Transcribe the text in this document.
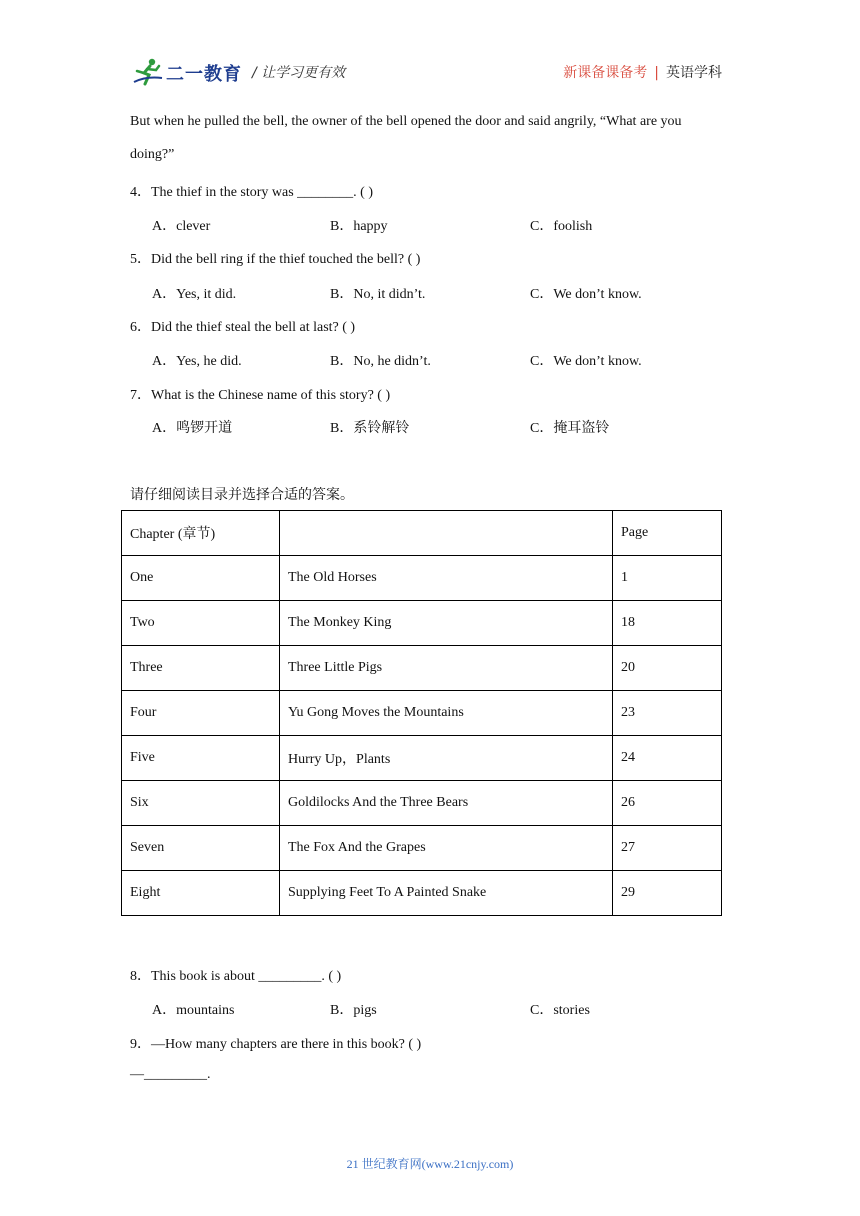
二一教育 / 让学习更有效	新课备课备考 | 英语学科
But when he pulled the bell, the owner of the bell opened the door and said angrily, “What are you
doing?”
4．The thief in the story was ________. ( )
A．clever	B．happy	C．foolish
5．Did the bell ring if the thief touched the bell? ( )
A．Yes, it did.	B．No, it didn’t.	C．We don’t know.
6．Did the thief steal the bell at last? ( )
A．Yes, he did.	B．No, he didn’t.	C．We don’t know.
7．What is the Chinese name of this story? ( )
A．鸣锣开道	B．系铃解铃	C．掩耳盗铃
请仔细阅读目录并选择合适的答案。
Chapter (章节)		Page
One	The Old Horses	1
Two	The Monkey King	18
Three	Three Little Pigs	20
Four	Yu Gong Moves the Mountains	23
Five	Hurry Up，Plants	24
Six	Goldilocks And the Three Bears	26
Seven	The Fox And the Grapes	27
Eight	Supplying Feet To A Painted Snake	29
8．This book is about _________. ( )
A．mountains	B．pigs	C．stories
9．—How many chapters are there in this book? ( )
—_________.
21 世纪教育网(www.21cnjy.com)
